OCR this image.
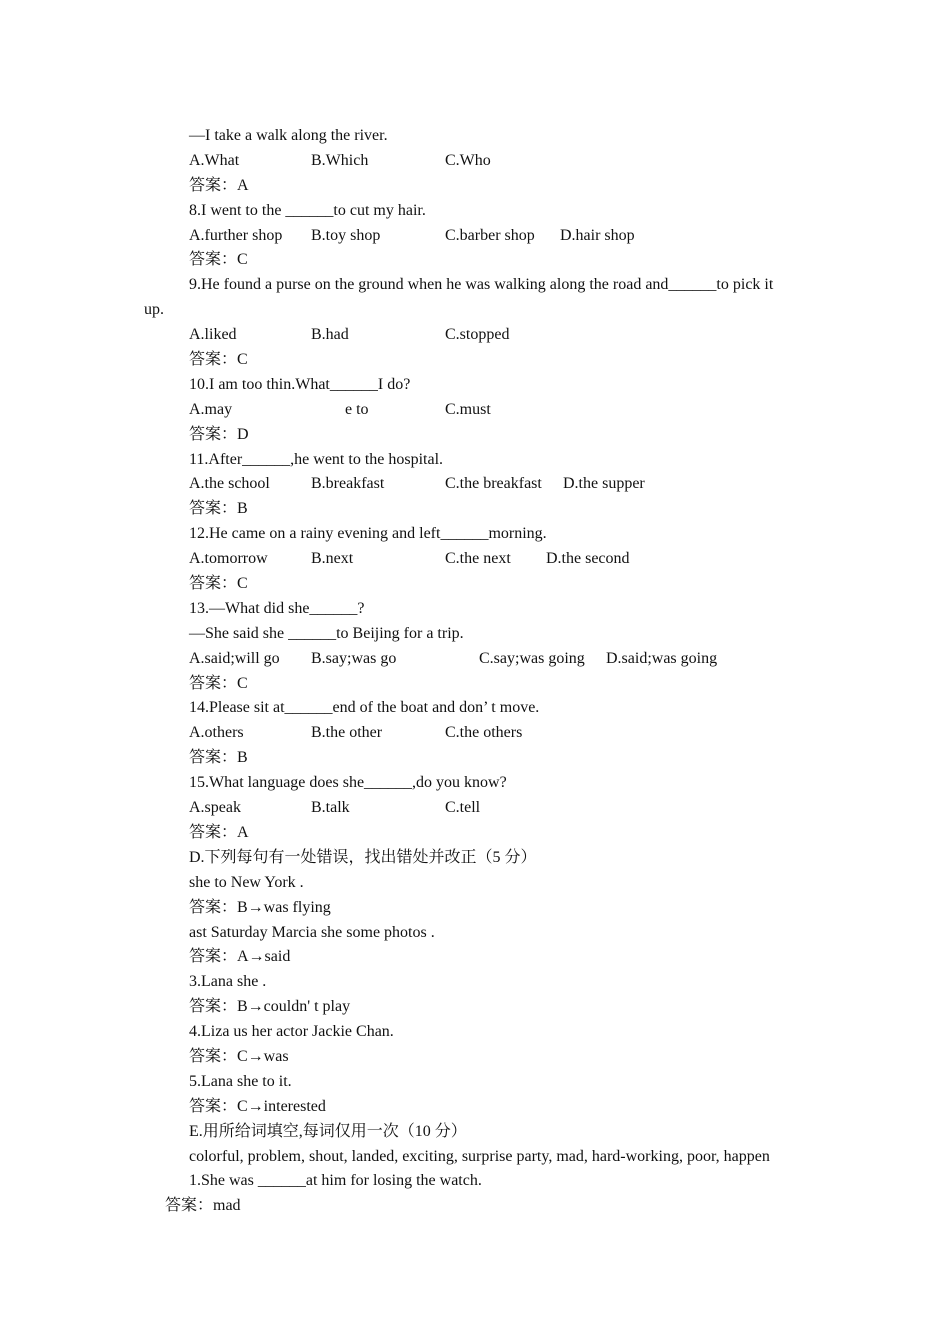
—I take a walk along the river.
A.What	B.Which	C.Who
答案：A
8.I went to the ______to cut my hair.
A.further shop B.toy shop	C.barber shop D.hair shop
答案：C
9.He found a purse on the ground when he was walking along the road and______to pick it
up.
A.liked	B.had	C.stopped
答案：C
10.I am too thin.What______I do?
A.may	e to	C.must
答案：D
11.After______,he went to the hospital.
A.the school	B.breakfast	C.the breakfast D.the supper
答案：B
12.He came on a rainy evening and left______morning.
A.tomorrow	B.next	C.the next D.the second
答案：C
13.—What did she______?
—She said she ______to Beijing for a trip.
A.said;will go B.say;was go	C.say;was going D.said;was going
答案：C
14.Please sit at______end of the boat and don’ t move.
A.others	B.the other	C.the others
答案：B
15.What language does she______,do you know?
A.speak	B.talk	C.tell
答案：A
D.下列每句有一处错误，找出错处并改正（5 分）
she to New York .
答案：B→was flying
ast Saturday Marcia she some photos .
答案：A→said
3.Lana she .
答案：B→couldn' t play
4.Liza us her actor Jackie Chan.
答案：C→was
5.Lana she to it.
答案：C→interested
E.用所给词填空,每词仅用一次（10 分）
colorful, problem, shout, landed, exciting, surprise party, mad, hard-working, poor, happen
1.She was ______at him for losing the watch.
答案：mad
